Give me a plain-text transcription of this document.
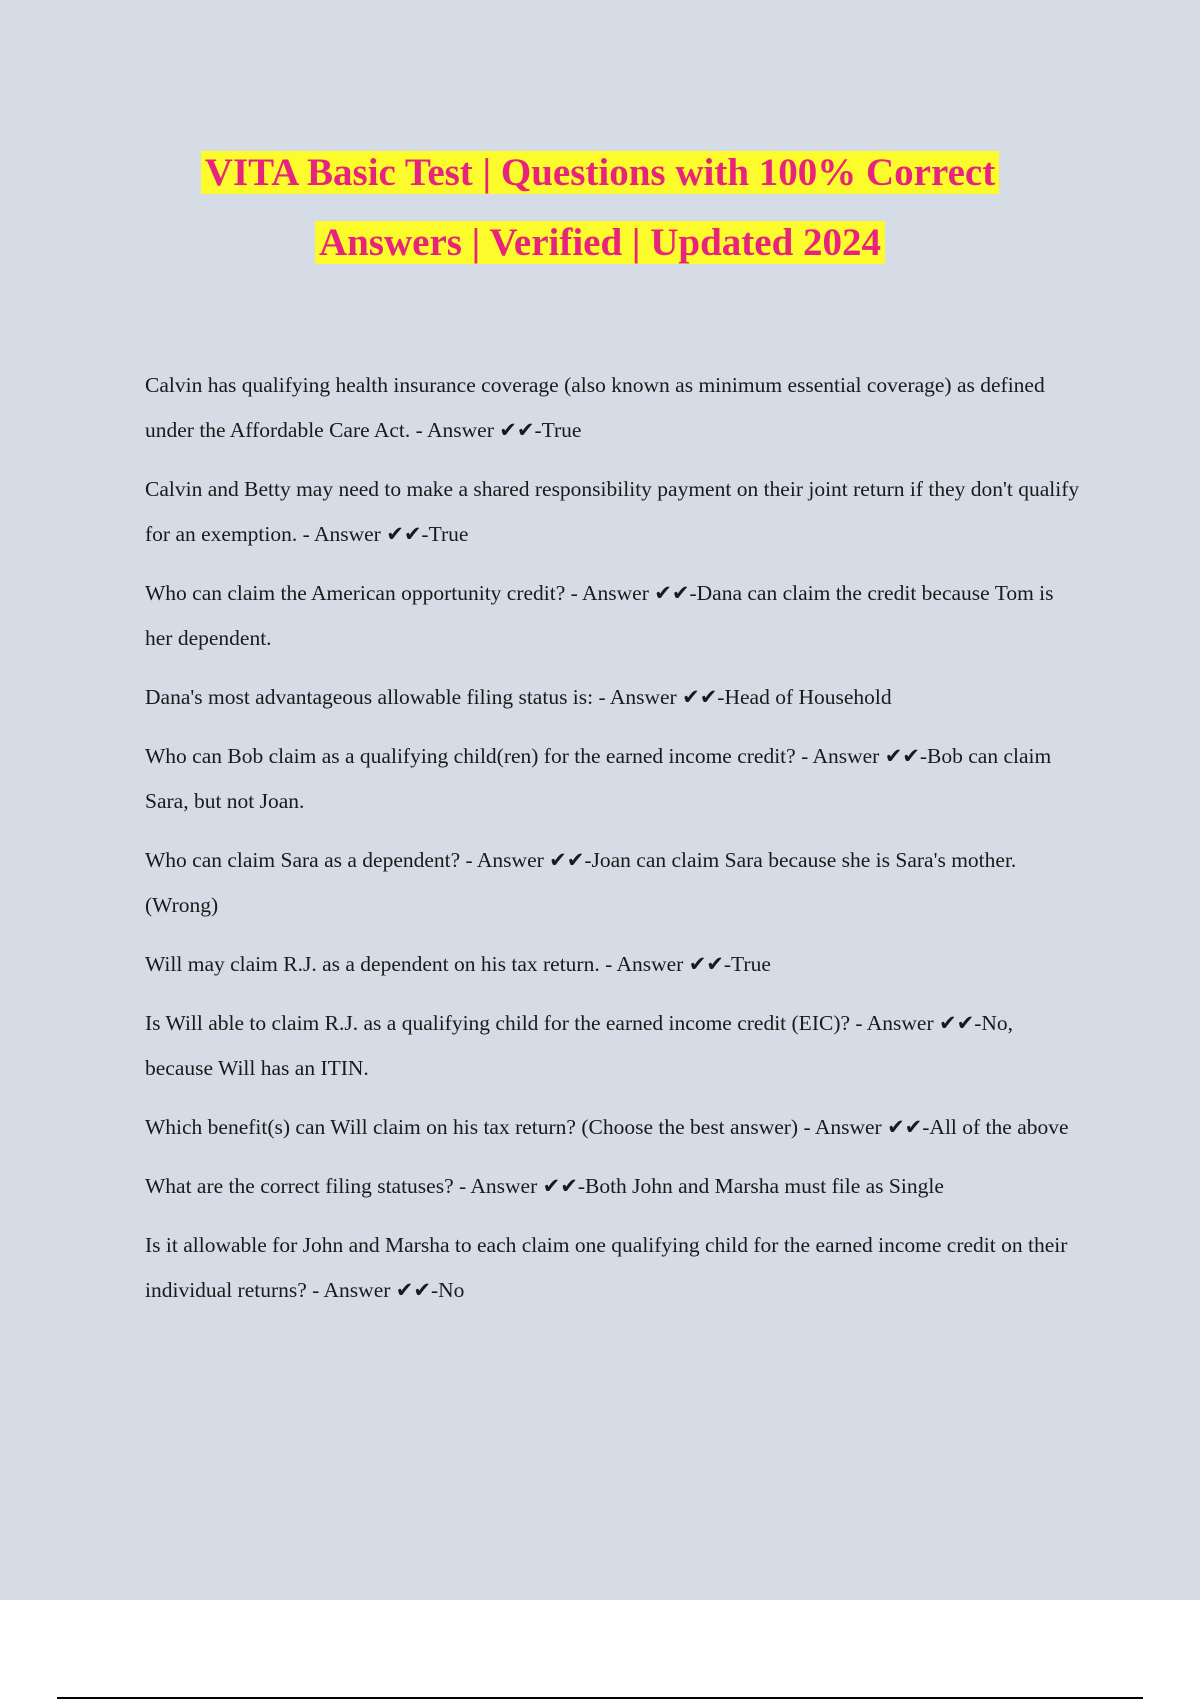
VITA Basic Test | Questions with 100% Correct
Answers | Verified | Updated 2024
Calvin has qualifying health insurance coverage (also known as minimum essential coverage) as defined under the Affordable Care Act. - Answer ✔✔-True
Calvin and Betty may need to make a shared responsibility payment on their joint return if they don't qualify for an exemption. - Answer ✔✔-True
Who can claim the American opportunity credit? - Answer ✔✔-Dana can claim the credit because Tom is her dependent.
Dana's most advantageous allowable filing status is: - Answer ✔✔-Head of Household
Who can Bob claim as a qualifying child(ren) for the earned income credit? - Answer ✔✔-Bob can claim Sara, but not Joan.
Who can claim Sara as a dependent? - Answer ✔✔-Joan can claim Sara because she is Sara's mother. (Wrong)
Will may claim R.J. as a dependent on his tax return. - Answer ✔✔-True
Is Will able to claim R.J. as a qualifying child for the earned income credit (EIC)? - Answer ✔✔-No, because Will has an ITIN.
Which benefit(s) can Will claim on his tax return? (Choose the best answer) - Answer ✔✔-All of the above
What are the correct filing statuses? - Answer ✔✔-Both John and Marsha must file as Single
Is it allowable for John and Marsha to each claim one qualifying child for the earned income credit on their individual returns? - Answer ✔✔-No
